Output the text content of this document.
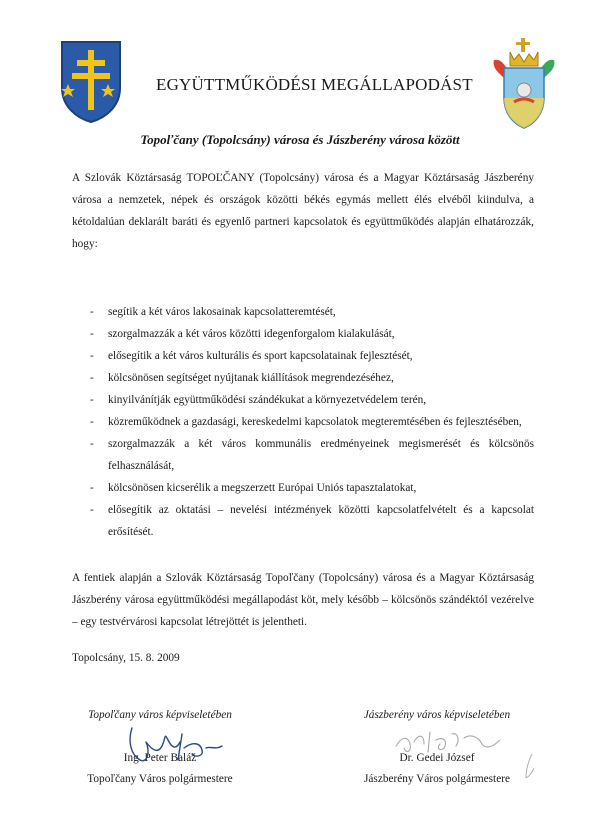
EGYÜTTMŰKÖDÉSI MEGÁLLAPODÁST
Topoľčany (Topolcsány) városa és Jászberény városa között
A Szlovák Köztársaság TOPOĽČANY (Topolcsány) városa és a Magyar Köztársaság Jászberény városa a nemzetek, népek és országok közötti békés egymás mellett élés elvéből kiindulva, a kétoldalúan deklarált baráti és egyenlő partneri kapcsolatok és együttműködés alapján elhatározzák, hogy:
- segítik a két város lakosainak kapcsolatteremtését,
- szorgalmazzák a két város közötti idegenforgalom kialakulását,
- elősegítik a két város kulturális és sport kapcsolatainak fejlesztését,
- kölcsönösen segítséget nyújtanak kiállítások megrendezéséhez,
- kinyilvánítják együttműködési szándékukat a környezetvédelem terén,
- közreműködnek a gazdasági, kereskedelmi kapcsolatok megteremtésében és fejlesztésében,
- szorgalmazzák a két város kommunális eredményeinek megismerését és kölcsönös felhasználását,
- kölcsönösen kicserélik a megszerzett Európai Uniós tapasztalatokat,
- elősegítik az oktatási – nevelési intézmények közötti kapcsolatfelvételt és a kapcsolat erősítését.
A fentiek alapján a Szlovák Köztársaság Topoľčany (Topolcsány) városa és a Magyar Köztársaság Jászberény városa együttműködési megállapodást köt, mely később – kölcsönös szándéktól vezérelve – egy testvérvárosi kapcsolat létrejöttét is jelentheti.
Topolcsány, 15. 8. 2009
Topoľčany város képviseletében
Ing. Peter Baláž
Topoľčany Város polgármestere
Jászberény város képviseletében
Dr. Gedei József
Jászberény Város polgármestere
